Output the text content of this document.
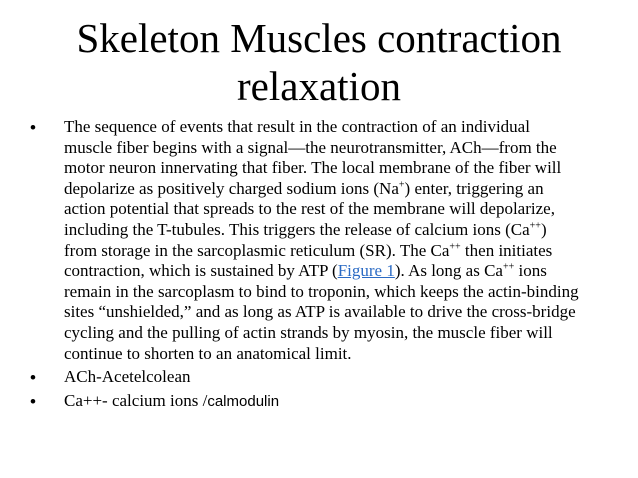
Skeleton Muscles contraction
relaxation
• The sequence of events that result in the contraction of an individual
muscle fiber begins with a signal—the neurotransmitter, ACh—from the
motor neuron innervating that fiber. The local membrane of the fiber will
depolarize as positively charged sodium ions (Na+) enter, triggering an
action potential that spreads to the rest of the membrane will depolarize,
including the T-tubules. This triggers the release of calcium ions (Ca++)
from storage in the sarcoplasmic reticulum (SR). The Ca++ then initiates
contraction, which is sustained by ATP (Figure 1). As long as Ca++ ions
remain in the sarcoplasm to bind to troponin, which keeps the actin-binding
sites “unshielded,” and as long as ATP is available to drive the cross-bridge
cycling and the pulling of actin strands by myosin, the muscle fiber will
continue to shorten to an anatomical limit.
• ACh-Acetelcolean
• Ca++- calcium ions /calmodulin
